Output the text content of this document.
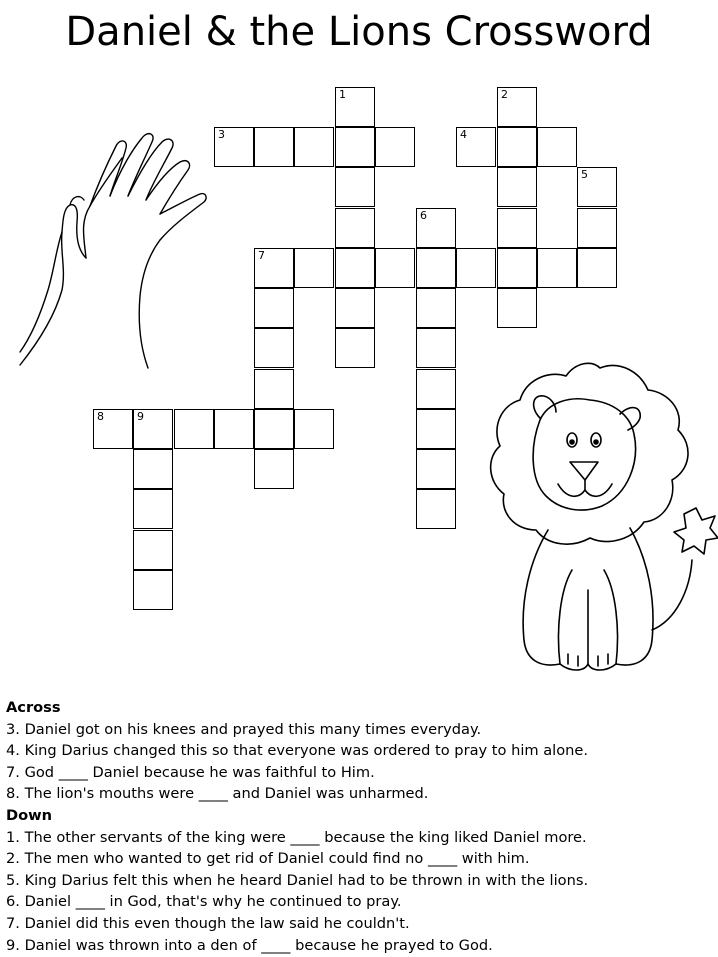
Daniel & the Lions Crossword
1	2
3	4
5
6
7
8	9
Across
3. Daniel got on his knees and prayed this many times everyday.
4. King Darius changed this so that everyone was ordered to pray to him alone.
7. God ____ Daniel because he was faithful to Him.
8. The lion's mouths were ____ and Daniel was unharmed.
Down
1. The other servants of the king were ____ because the king liked Daniel more.
2. The men who wanted to get rid of Daniel could find no ____ with him.
5. King Darius felt this when he heard Daniel had to be thrown in with the lions.
6. Daniel ____ in God, that's why he continued to pray.
7. Daniel did this even though the law said he couldn't.
9. Daniel was thrown into a den of ____ because he prayed to God.
